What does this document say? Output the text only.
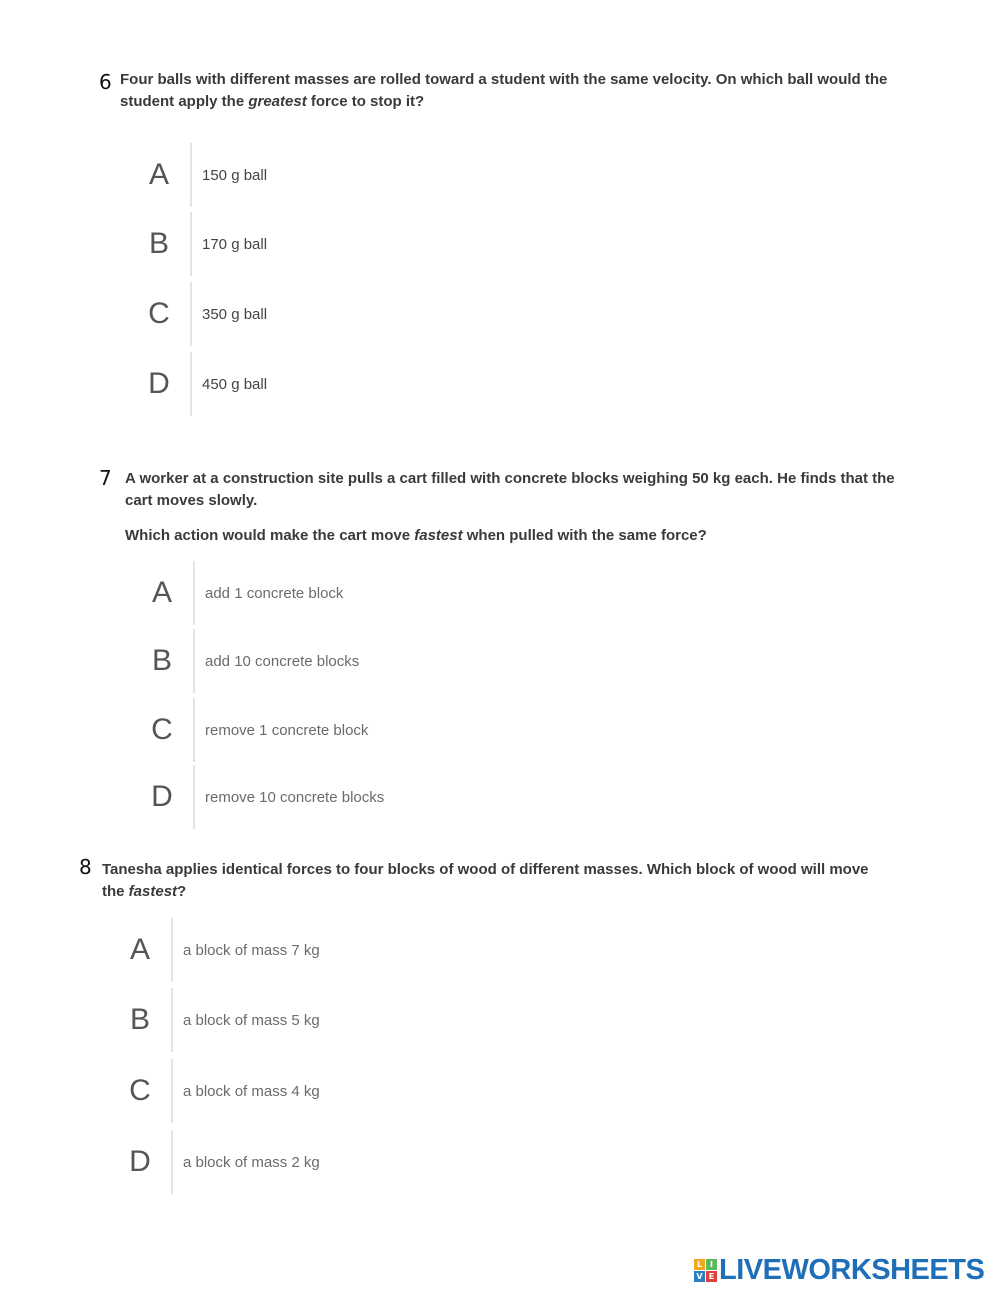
6 Four balls with different masses are rolled toward a student with the same velocity. On which ball would the student apply the greatest force to stop it?
A	150 g ball
B	170 g ball
C	350 g ball
D	450 g ball
7 A worker at a construction site pulls a cart filled with concrete blocks weighing 50 kg each. He finds that the cart moves slowly.
Which action would make the cart move fastest when pulled with the same force?
A	add 1 concrete block
B	add 10 concrete blocks
C	remove 1 concrete block
D	remove 10 concrete blocks
8 Tanesha applies identical forces to four blocks of wood of different masses. Which block of wood will move the fastest?
A	a block of mass 7 kg
B	a block of mass 5 kg
C	a block of mass 4 kg
D	a block of mass 2 kg
L I
V E LIVEWORKSHEETS
